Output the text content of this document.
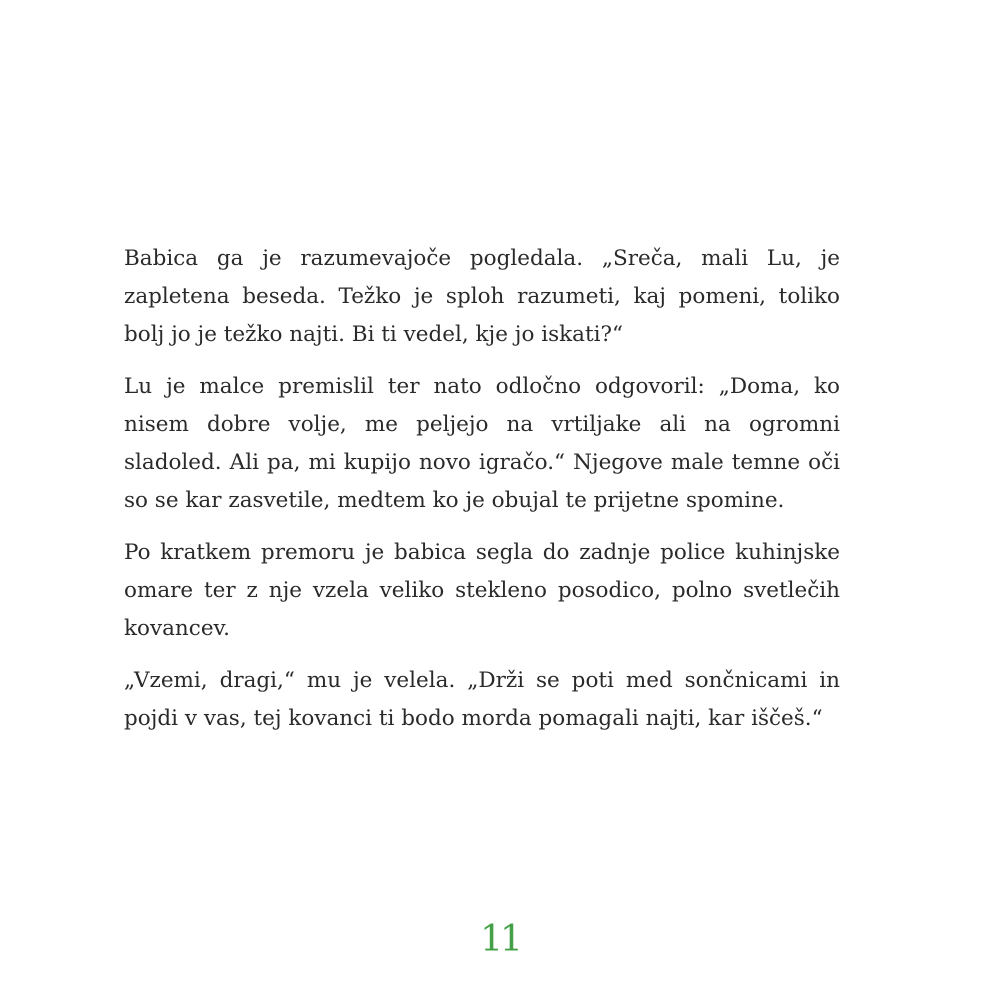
Babica ga je razumevajoče pogledala. „Sreča, mali Lu, je zapletena beseda. Težko je sploh razumeti, kaj pomeni, toliko bolj jo je težko najti. Bi ti vedel, kje jo iskati?“

Lu je malce premislil ter nato odločno odgovoril: „Doma, ko nisem dobre volje, me peljejo na vrtiljake ali na ogromni sladoled. Ali pa, mi kupijo novo igračo.“ Njegove male temne oči so se kar zasvetile, medtem ko je obujal te prijetne spomine.

Po kratkem premoru je babica segla do zadnje police kuhinjske omare ter z nje vzela veliko stekleno posodico, polno svetlečih kovancev.

„Vzemi, dragi,“ mu je velela. „Drži se poti med sončnicami in pojdi v vas, tej kovanci ti bodo morda pomagali najti, kar iščeš.“

11
